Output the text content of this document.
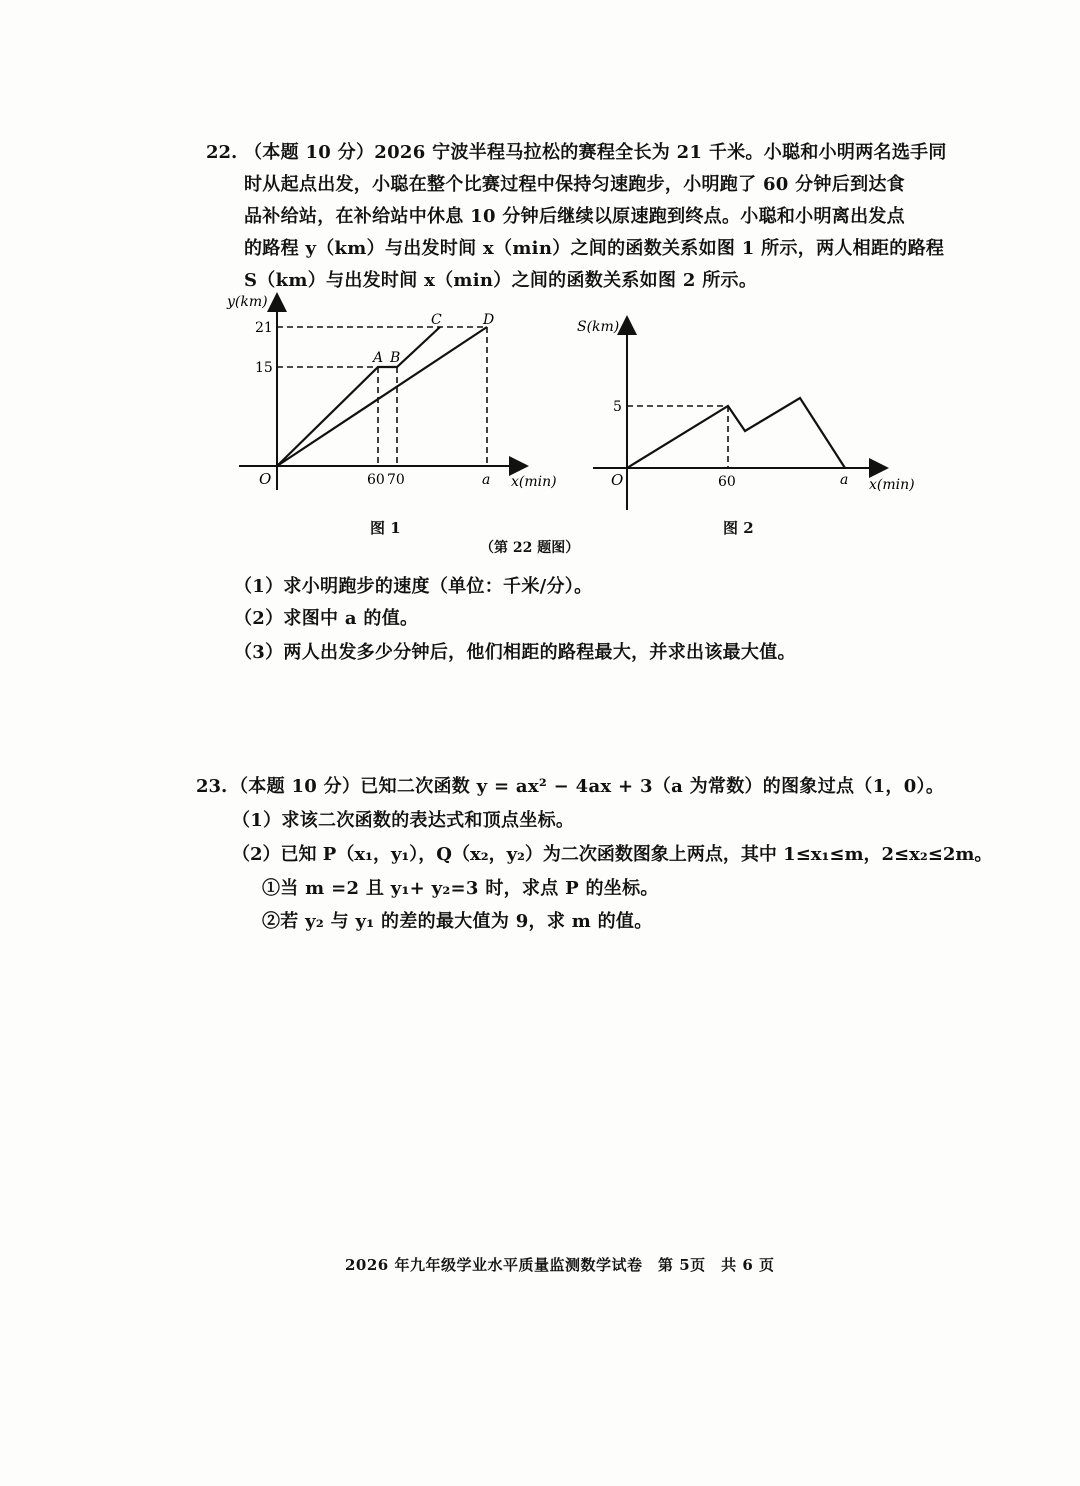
22. （本题 10 分）2026 宁波半程马拉松的赛程全长为 21 千米。小聪和小明两名选手同
时从起点出发，小聪在整个比赛过程中保持匀速跑步，小明跑了 60 分钟后到达食
品补给站，在补给站中休息 10 分钟后继续以原速跑到终点。小聪和小明离出发点
的路程 y（km）与出发时间 x（min）之间的函数关系如图 1 所示，两人相距的路程
S（km）与出发时间 x（min）之间的函数关系如图 2 所示。
y(km)
21
15
O	60 70	a x(min)
A B
C	D
图 1
S(km)
5
O	60	a x(min)
图 2
（第 22 题图）
（1）求小明跑步的速度（单位：千米/分）。
（2）求图中 a 的值。
（3）两人出发多少分钟后，他们相距的路程最大，并求出该最大值。
23. （本题 10 分）已知二次函数 y = ax² − 4ax + 3（a 为常数）的图象过点（1，0）。
（1）求该二次函数的表达式和顶点坐标。
（2）已知 P（x₁，y₁），Q（x₂，y₂）为二次函数图象上两点，其中 1≤x₁≤m，2≤x₂≤2m。
①当 m =2 且 y₁+ y₂=3 时，求点 P 的坐标。
②若 y₂ 与 y₁ 的差的最大值为 9，求 m 的值。
2026 年九年级学业水平质量监测数学试卷　第 5页　共 6 页
